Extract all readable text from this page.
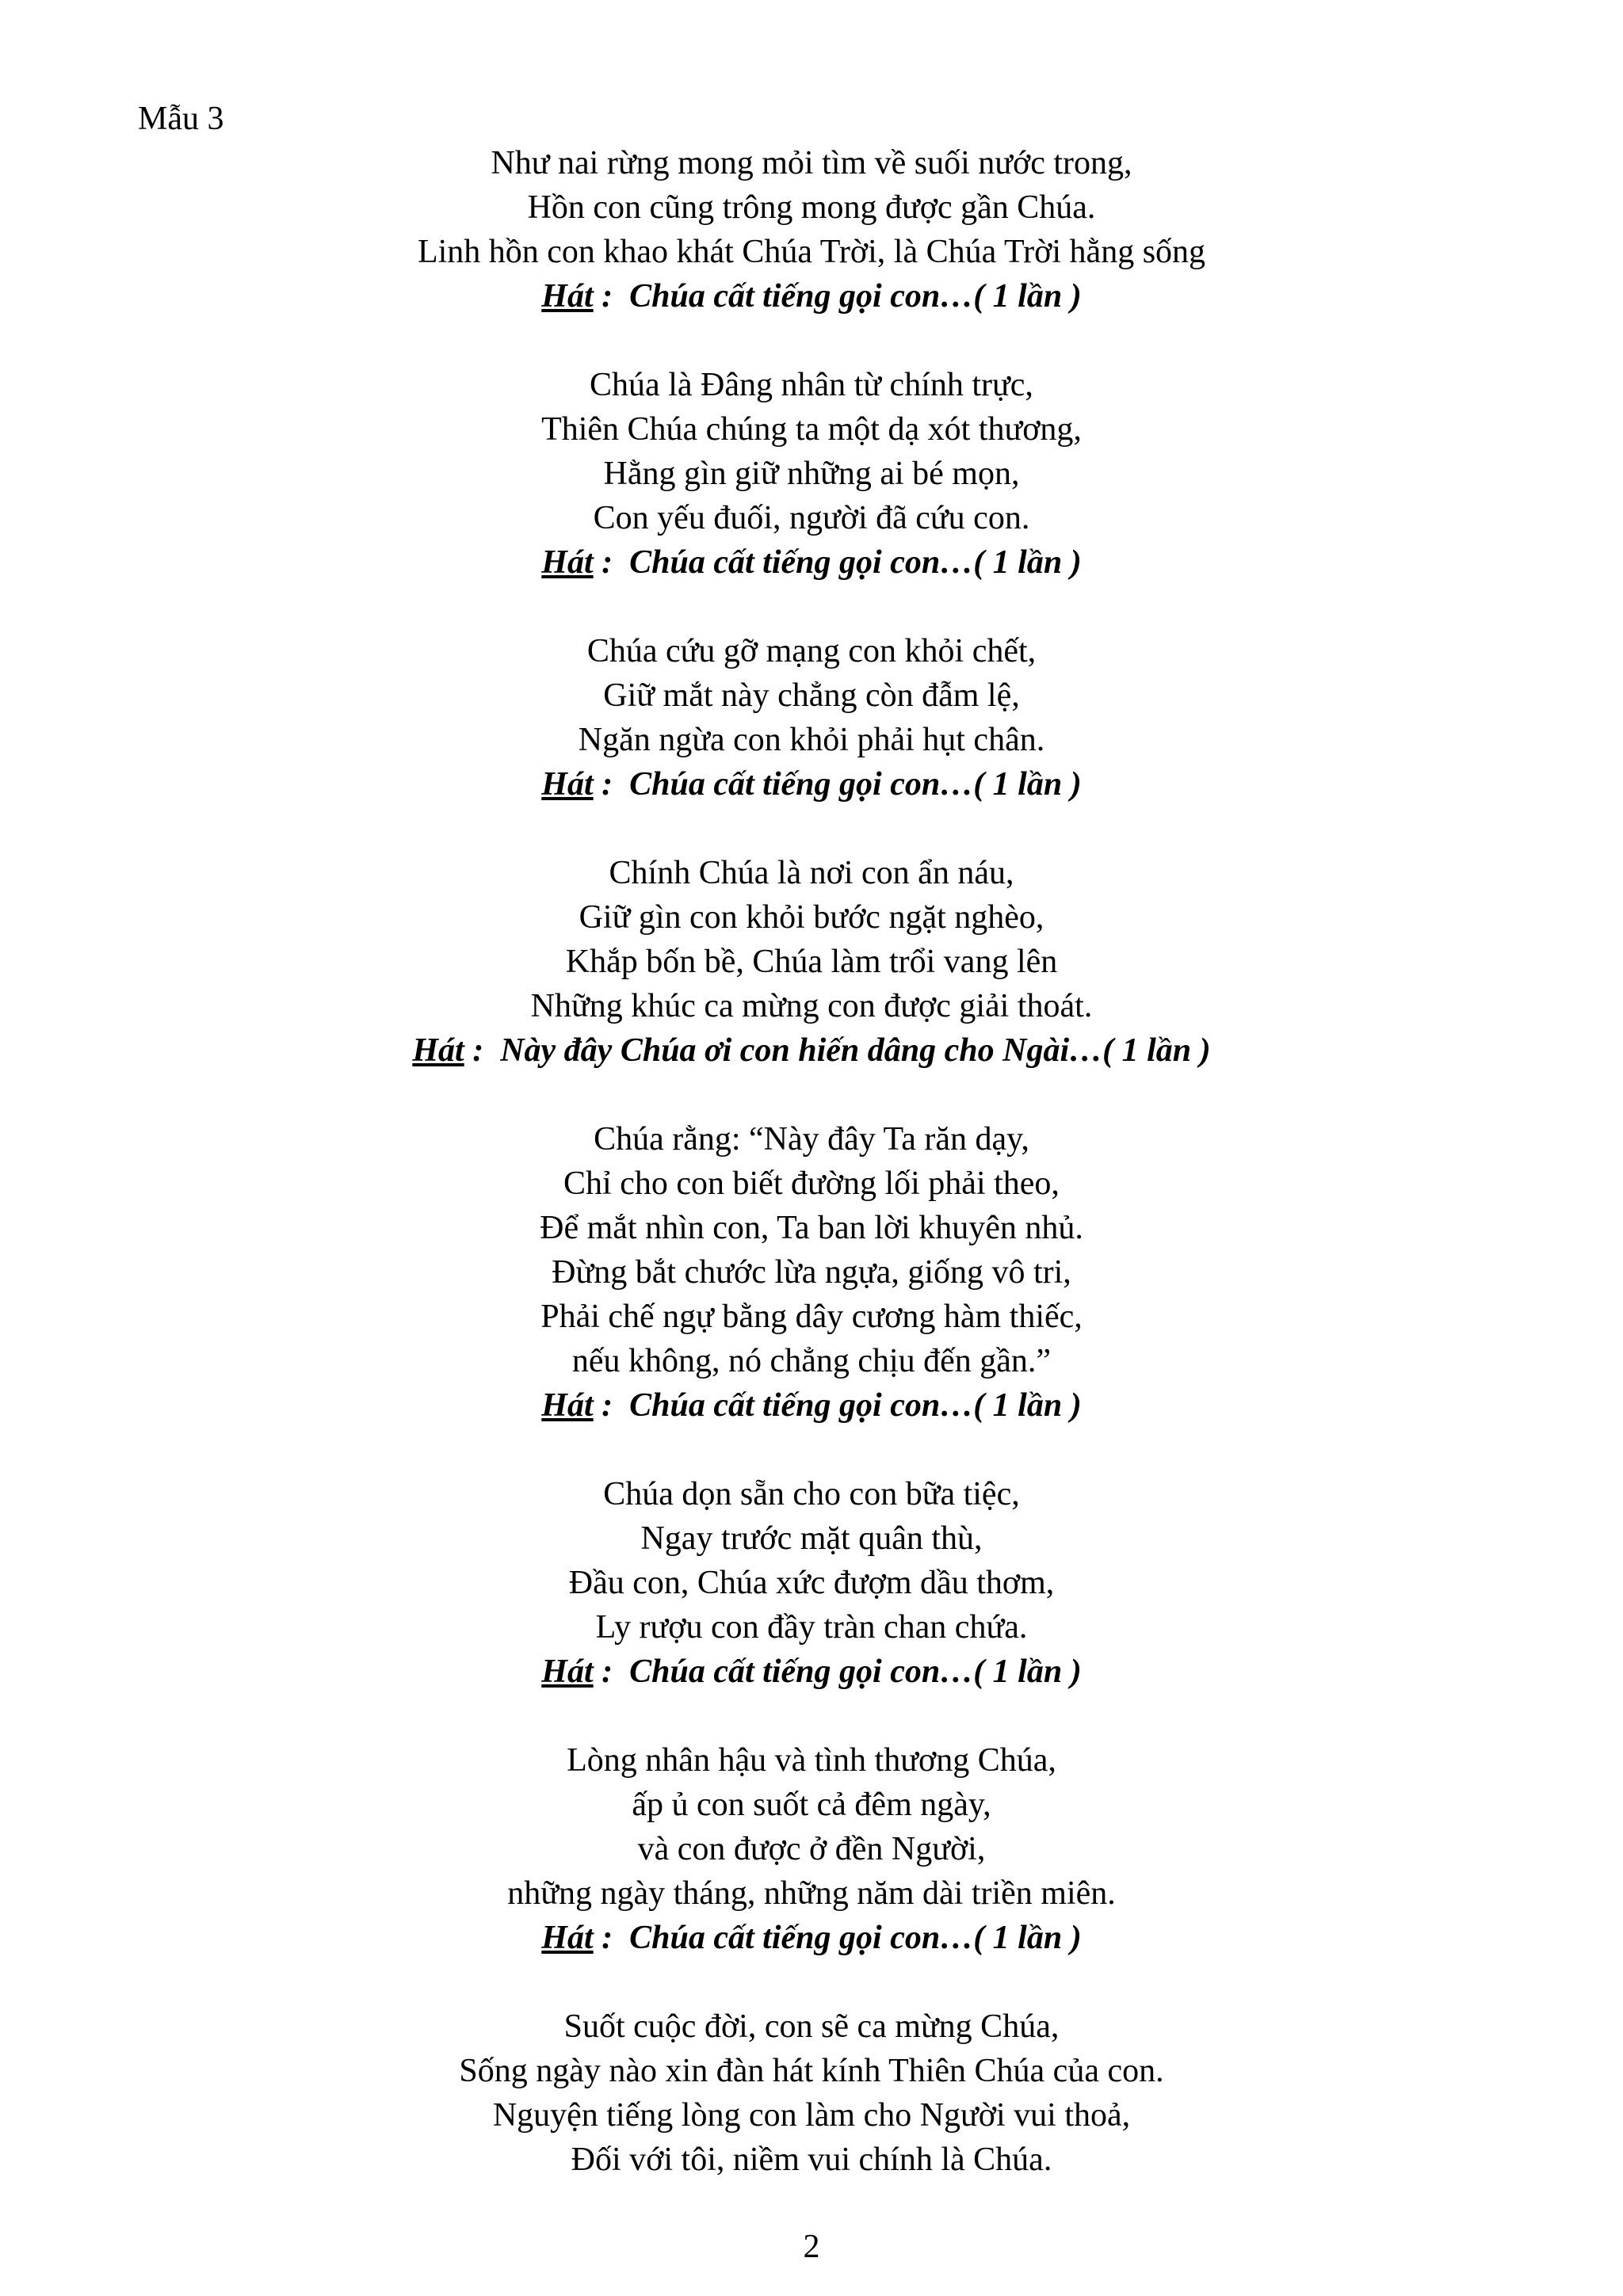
Mẫu 3

Như nai rừng mong mỏi tìm về suối nước trong,
Hồn con cũng trông mong được gần Chúa.
Linh hồn con khao khát Chúa Trời, là Chúa Trời hằng sống
Hát :  Chúa cất tiếng gọi con…( 1 lần )
Chúa là Đâng nhân từ chính trực,
Thiên Chúa chúng ta một dạ xót thương,
Hằng gìn giữ những ai bé mọn,
Con yếu đuối, người đã cứu con.
Hát :  Chúa cất tiếng gọi con…( 1 lần )
Chúa cứu gỡ mạng con khỏi chết,
Giữ mắt này chẳng còn đẫm lệ,
Ngăn ngừa con khỏi phải hụt chân.
Hát :  Chúa cất tiếng gọi con…( 1 lần )
Chính Chúa là nơi con ẩn náu,
Giữ gìn con khỏi bước ngặt nghèo,
Khắp bốn bề, Chúa làm trổi vang lên
Những khúc ca mừng con được giải thoát.
Hát :  Này đây Chúa ơi con hiến dâng cho Ngài…( 1 lần )
Chúa rằng: “Này đây Ta răn dạy,
Chỉ cho con biết đường lối phải theo,
Để mắt nhìn con, Ta ban lời khuyên nhủ.
Đừng bắt chước lừa ngựa, giống vô tri,
Phải chế ngự bằng dây cương hàm thiếc,
nếu không, nó chẳng chịu đến gần.”
Hát :  Chúa cất tiếng gọi con…( 1 lần )
Chúa dọn sẵn cho con bữa tiệc,
Ngay trước mặt quân thù,
Đầu con, Chúa xức đượm dầu thơm,
Ly rượu con đầy tràn chan chứa.
Hát :  Chúa cất tiếng gọi con…( 1 lần )
Lòng nhân hậu và tình thương Chúa,
ấp ủ con suốt cả đêm ngày,
và con được ở đền Người,
những ngày tháng, những năm dài triền miên.
Hát :  Chúa cất tiếng gọi con…( 1 lần )
Suốt cuộc đời, con sẽ ca mừng Chúa,
Sống ngày nào xin đàn hát kính Thiên Chúa của con.
Nguyện tiếng lòng con làm cho Người vui thoả,
Đối với tôi, niềm vui chính là Chúa.

2
